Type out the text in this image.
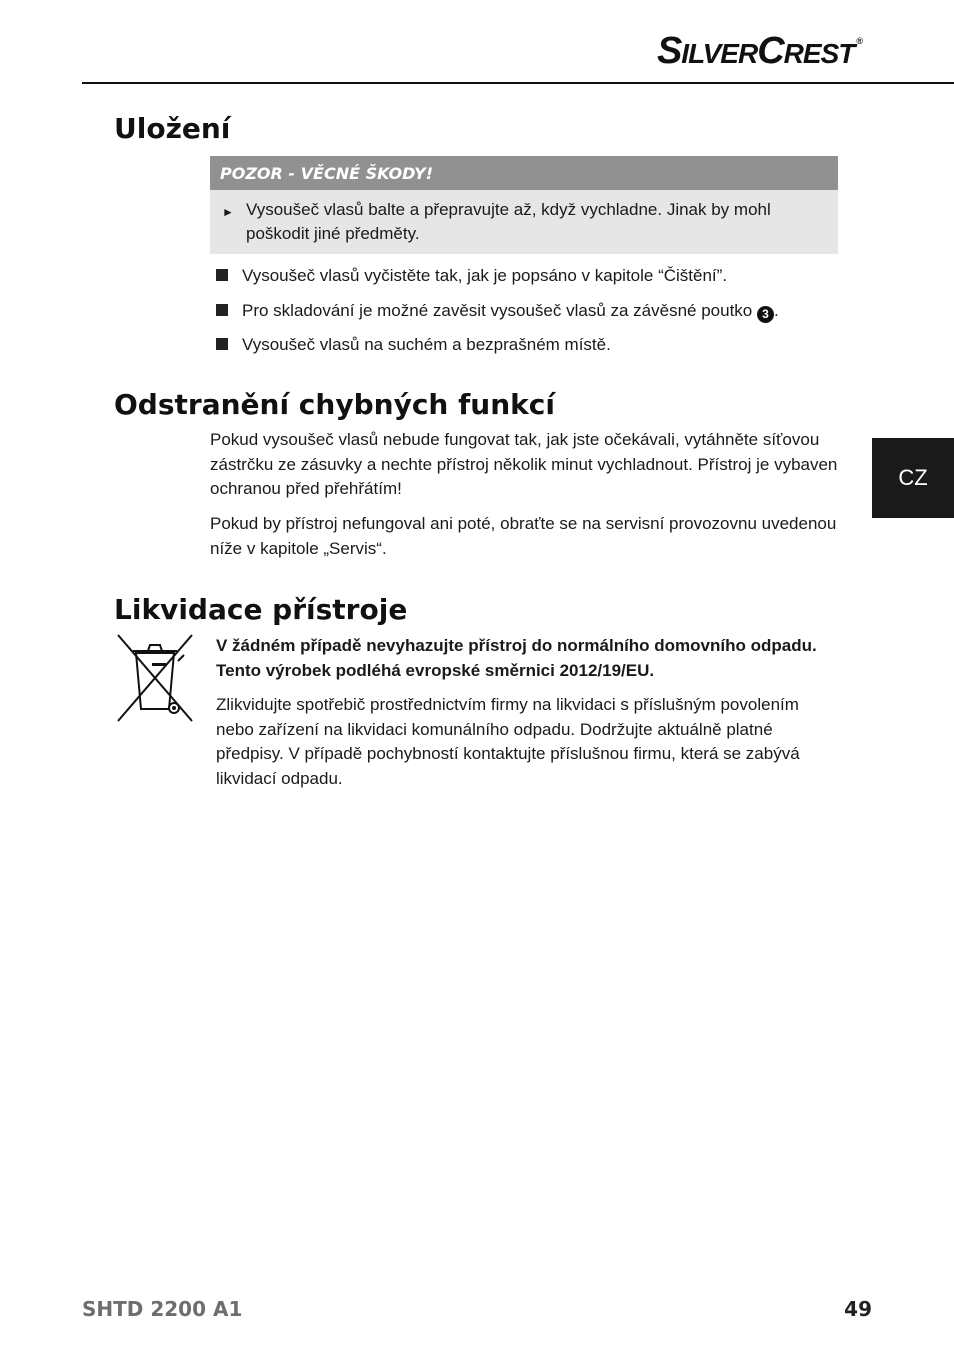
SILVERCREST ®
Uložení
POZOR - VĚCNÉ ŠKODY!
► Vysoušeč vlasů balte a přepravujte až, když vychladne. Jinak by mohl poškodit jiné předměty.
Vysoušeč vlasů vyčistěte tak, jak je popsáno v kapitole “Čištění”.
Pro skladování je možné zavěsit vysoušeč vlasů za závěsné poutko 3 .
Vysoušeč vlasů na suchém a bezprašném místě.
Odstranění chybných funkcí

Pokud vysoušeč vlasů nebude fungovat tak, jak jste očekávali, vytáhněte síťovou zástrčku ze zásuvky a nechte přístroj několik minut vychladnout. Přístroj je vybaven ochranou před přehřátím!

Pokud by přístroj nefungoval ani poté, obraťte se na servisní provozovnu uvedenou níže v kapitole „Servis“.

Likvidace přístroje

V žádném případě nevyhazujte přístroj do normálního domovního odpadu. Tento výrobek podléhá evropské směrnici 2012/19/EU.

Zlikvidujte spotřebič prostřednictvím firmy na likvidaci s příslušným povolením nebo zařízení na likvidaci komunálního odpadu. Dodržujte aktuálně platné předpisy. V případě pochybností kontaktujte příslušnou firmu, která se zabývá likvidací odpadu.

CZ
SHTD 2200 A1	49
